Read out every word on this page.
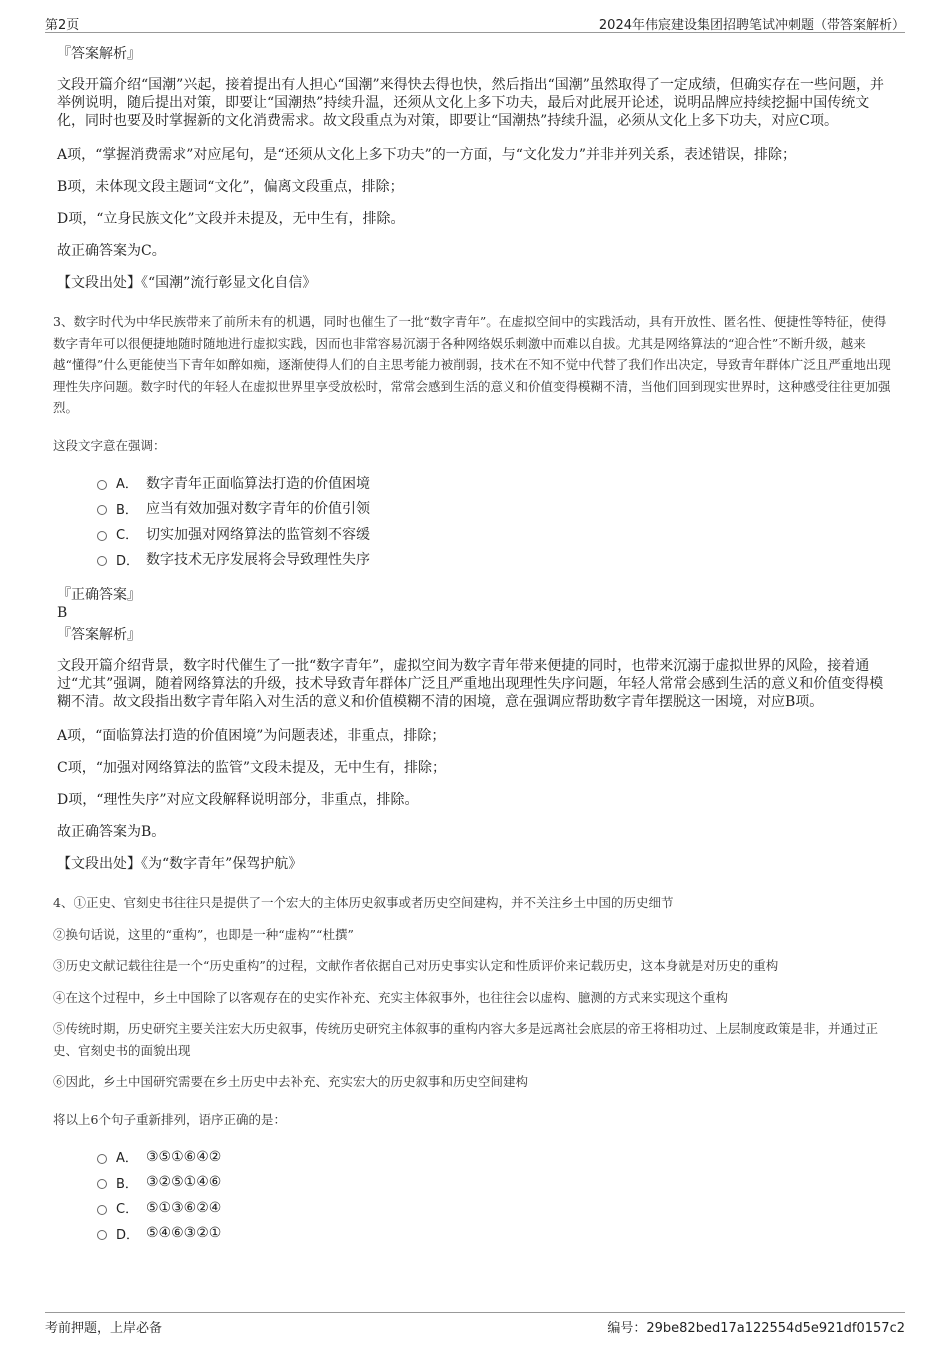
第2页	2024年伟宸建设集团招聘笔试冲刺题（带答案解析）
『答案解析』
文段开篇介绍“国潮”兴起，接着提出有人担心“国潮”来得快去得也快，然后指出“国潮”虽然取得了一定成绩，但确实存在一些问题，并举例说明，随后提出对策，即要让“国潮热”持续升温，还须从文化上多下功夫，最后对此展开论述，说明品牌应持续挖掘中国传统文化，同时也要及时掌握新的文化消费需求。故文段重点为对策，即要让“国潮热”持续升温，必须从文化上多下功夫，对应C项。
A项，“掌握消费需求”对应尾句，是“还须从文化上多下功夫”的一方面，与“文化发力”并非并列关系，表述错误，排除；
B项，未体现文段主题词“文化”，偏离文段重点，排除；
D项，“立身民族文化”文段并未提及，无中生有，排除。
故正确答案为C。
【文段出处】《“国潮”流行彰显文化自信》
3、数字时代为中华民族带来了前所未有的机遇，同时也催生了一批“数字青年”。在虚拟空间中的实践活动，具有开放性、匿名性、便捷性等特征，使得数字青年可以很便捷地随时随地进行虚拟实践，因而也非常容易沉溺于各种网络娱乐刺激中而难以自拔。尤其是网络算法的“迎合性”不断升级，越来越“懂得”什么更能使当下青年如醉如痴，逐渐使得人们的自主思考能力被削弱，技术在不知不觉中代替了我们作出决定，导致青年群体广泛且严重地出现理性失序问题。数字时代的年轻人在虚拟世界里享受放松时，常常会感到生活的意义和价值变得模糊不清，当他们回到现实世界时，这种感受往往更加强烈。
这段文字意在强调：
A． 数字青年正面临算法打造的价值困境
B． 应当有效加强对数字青年的价值引领
C． 切实加强对网络算法的监管刻不容缓
D． 数字技术无序发展将会导致理性失序
『正确答案』
B
『答案解析』
文段开篇介绍背景，数字时代催生了一批“数字青年”，虚拟空间为数字青年带来便捷的同时，也带来沉溺于虚拟世界的风险，接着通过“尤其”强调，随着网络算法的升级，技术导致青年群体广泛且严重地出现理性失序问题，年轻人常常会感到生活的意义和价值变得模糊不清。故文段指出数字青年陷入对生活的意义和价值模糊不清的困境，意在强调应帮助数字青年摆脱这一困境，对应B项。
A项，“面临算法打造的价值困境”为问题表述，非重点，排除；
C项，“加强对网络算法的监管”文段未提及，无中生有，排除；
D项，“理性失序”对应文段解释说明部分，非重点，排除。
故正确答案为B。
【文段出处】《为“数字青年”保驾护航》
4、①正史、官刻史书往往只是提供了一个宏大的主体历史叙事或者历史空间建构，并不关注乡土中国的历史细节
②换句话说，这里的“重构”，也即是一种“虚构”“杜撰”
③历史文献记载往往是一个“历史重构”的过程，文献作者依据自己对历史事实认定和性质评价来记载历史，这本身就是对历史的重构
④在这个过程中，乡土中国除了以客观存在的史实作补充、充实主体叙事外，也往往会以虚构、臆测的方式来实现这个重构
⑤传统时期，历史研究主要关注宏大历史叙事，传统历史研究主体叙事的重构内容大多是远离社会底层的帝王将相功过、上层制度政策是非，并通过正史、官刻史书的面貌出现
⑥因此，乡土中国研究需要在乡土历史中去补充、充实宏大的历史叙事和历史空间建构
将以上6个句子重新排列，语序正确的是：
A． ③⑤①⑥④②
B． ③②⑤①④⑥
C． ⑤①③⑥②④
D． ⑤④⑥③②①
考前押题，上岸必备	编号：29be82bed17a122554d5e921df0157c2
